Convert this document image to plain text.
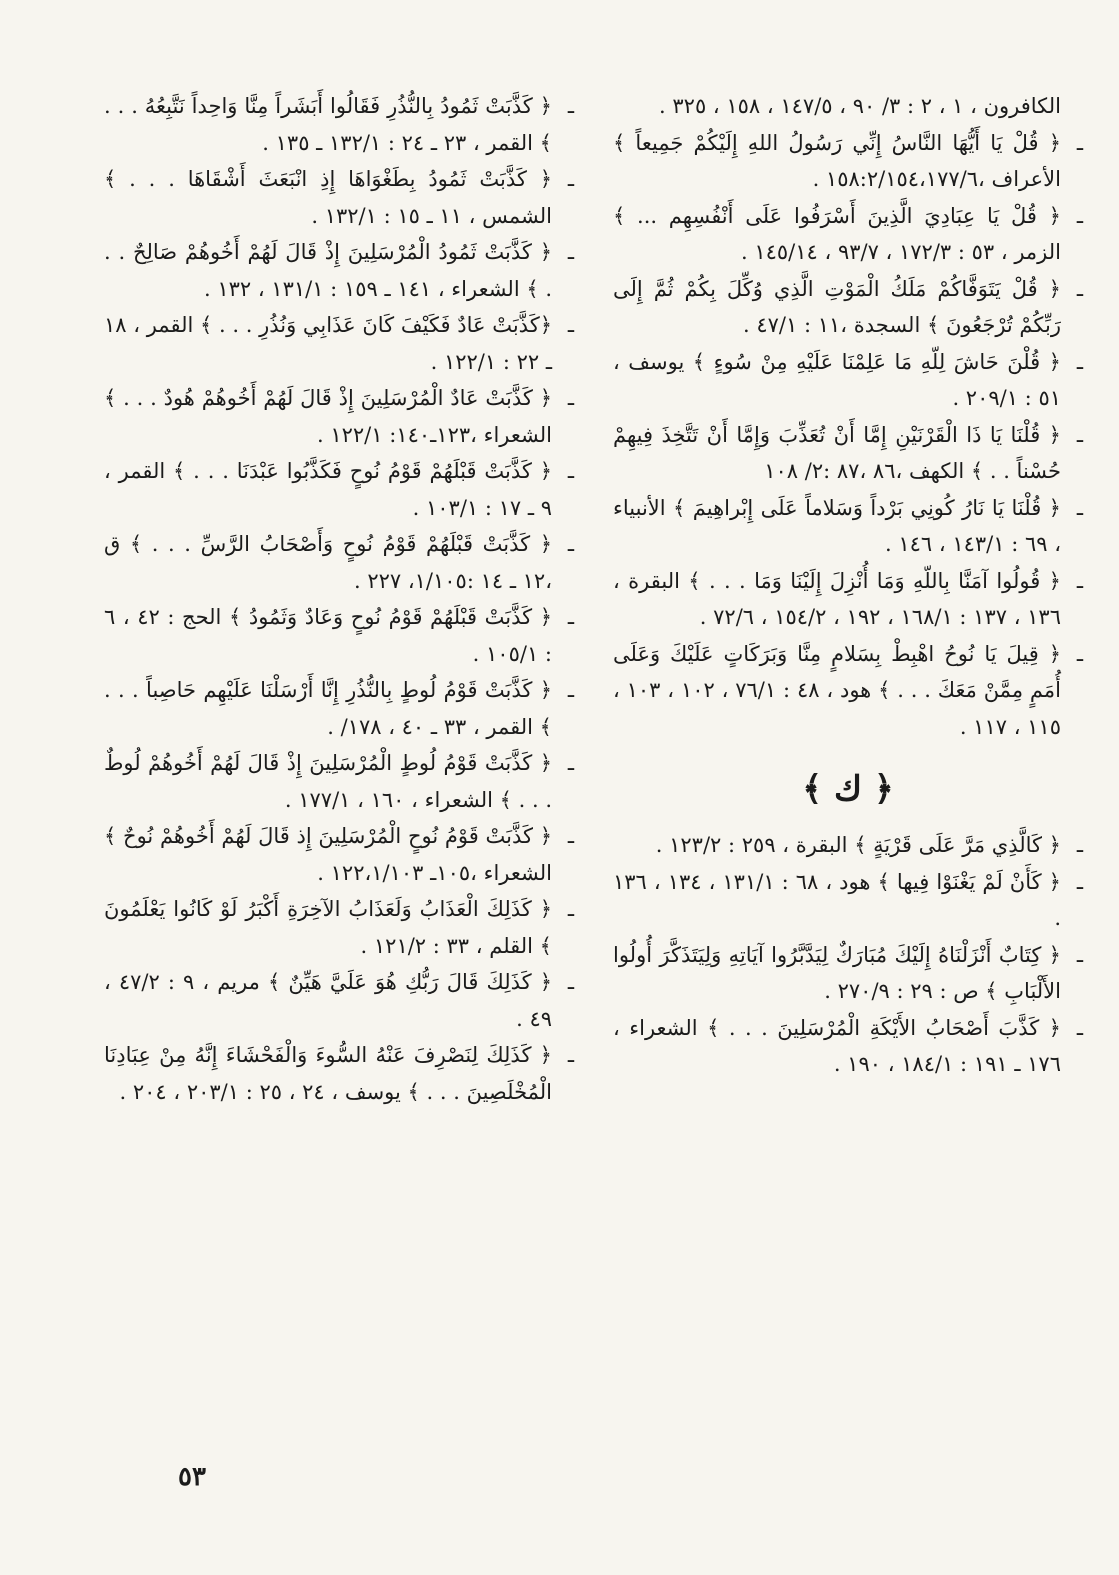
الكافرون ، ١ ، ٢ : ٣/ ٩٠ ، ١٤٧/٥ ، ١٥٨ ، ٣٢٥ .

ـ
﴿ قُلْ يَا أَيُّهَا النَّاسُ إِنِّي رَسُولُ اللهِ إِلَيْكُمْ جَمِيعاً ﴾الأعراف ،١٥٨:٢/١٥٤،١٧٧/٦ .

ـ
﴿ قُلْ يَا عِبَادِيَ الَّذِينَ أَسْرَفُوا عَلَى أَنْفُسِهِم ... ﴾ الزمر ، ٥٣ : ١٧٢/٣ ، ٩٣/٧ ، ١٤٥/١٤ .

ـ
﴿ قُلْ يَتَوَفَّاكُمْ مَلَكُ الْمَوْتِ الَّذِي وُكِّلَ بِكُمْ ثُمَّ إِلَى رَبِّكُمْ تُرْجَعُونَ ﴾ السجدة ،١١ : ٤٧/١ .

ـ
﴿ قُلْنَ حَاشَ لِلّهِ مَا عَلِمْنَا عَلَيْهِ مِنْ سُوءٍ ﴾ يوسف ، ٥١ : ٢٠٩/١ .

ـ
﴿ قُلْنَا يَا ذَا الْقَرْنَيْنِ إِمَّا أَنْ تُعَذِّبَ وَإِمَّا أَنْ تَتَّخِذَ فِيهِمْ حُسْناً . . ﴾ الكهف ،٨٦ ،٨٧ :٢/ ١٠٨

ـ
﴿ قُلْنَا يَا نَارُ كُونِي بَرْداً وَسَلاماً عَلَى إِبْراهِيمَ ﴾ الأنبياء ، ٦٩ : ١٤٣/١ ، ١٤٦ .

ـ
﴿ قُولُوا آمَنَّا بِاللّهِ وَمَا أُنْزِلَ إِلَيْنَا وَمَا . . . ﴾ البقرة ، ١٣٦ ، ١٣٧ : ١٦٨/١ ، ١٩٢ ، ١٥٤/٢ ، ٧٢/٦ .

ـ
﴿ قِيلَ يَا نُوحُ اهْبِطْ بِسَلامٍ مِنَّا وَبَرَكَاتٍ عَلَيْكَ وَعَلَى أُمَمٍ مِمَّنْ مَعَكَ . . . ﴾ هود ، ٤٨ : ٧٦/١ ، ١٠٢ ، ١٠٣ ، ١١٥ ، ١١٧ .

﴿ ك ﴾

ـ
﴿ كَالَّذِي مَرَّ عَلَى قَرْيَةٍ ﴾ البقرة ، ٢٥٩ : ١٢٣/٢ .

ـ
﴿ كَأَنْ لَمْ يَغْنَوْا فِيها ﴾ هود ، ٦٨ : ١٣١/١ ، ١٣٤ ، ١٣٦ .

ـ
﴿ كِتَابٌ أَنْزَلْنَاهُ إِلَيْكَ مُبَارَكٌ لِيَدَّبَّرُوا آيَاتِهِ وَلِيَتَذَكَّرَ أُولُوا الأَلْبَابِ ﴾ ص : ٢٩ : ٢٧٠/٩ .

ـ
﴿ كَذَّبَ أَصْحَابُ الأَيْكَةِ الْمُرْسَلِينَ . . . ﴾ الشعراء ، ١٧٦ ـ ١٩١ : ١٨٤/١ ، ١٩٠ .

ـ
﴿ كَذَّبَتْ ثَمُودُ بِالنُّذُرِ فَقَالُوا أَبَشَراً مِنَّا وَاحِداً نَتَّبِعُهُ . . . ﴾ القمر ، ٢٣ ـ ٢٤ : ١٣٢/١ ـ ١٣٥ .

ـ
﴿ كَذَّبَتْ ثَمُودُ بِطَغْوَاهَا إِذِ انْبَعَثَ أَشْقَاهَا . . . ﴾ الشمس ، ١١ ـ ١٥ : ١٣٢/١ .

ـ
﴿ كَذَّبَتْ ثَمُودُ الْمُرْسَلِينَ إِذْ قَالَ لَهُمْ أَخُوهُمْ صَالِحٌ . . . ﴾ الشعراء ، ١٤١ ـ ١٥٩ : ١٣١/١ ، ١٣٢ .

ـ
﴿كَذَّبَتْ عَادٌ فَكَيْفَ كَانَ عَذَابِي وَنُذُرِ . . . ﴾ القمر ، ١٨ ـ ٢٢ : ١٢٢/١ .

ـ
﴿ كَذَّبَتْ عَادٌ الْمُرْسَلِينَ إِذْ قَالَ لَهُمْ أَخُوهُمْ هُودٌ . . . ﴾ الشعراء ،١٢٣ـ١٤٠: ١٢٢/١ .

ـ
﴿ كَذَّبَتْ قَبْلَهُمْ قَوْمُ نُوحٍ فَكَذَّبُوا عَبْدَنَا . . . ﴾ القمر ، ٩ ـ ١٧ : ١٠٣/١ .

ـ
﴿ كَذَّبَتْ قَبْلَهُمْ قَوْمُ نُوحٍ وَأَصْحَابُ الرَّسِّ . . . ﴾ ق ،١٢ ـ ١٤ :١/١٠٥، ٢٢٧ .

ـ
﴿ كَذَّبَتْ قَبْلَهُمْ قَوْمُ نُوحٍ وَعَادٌ وَثَمُودُ ﴾ الحج : ٤٢ ، ٦ : ١٠٥/١ .

ـ
﴿ كَذَّبَتْ قَوْمُ لُوطٍ بِالنُّذُرِ إِنَّا أَرْسَلْنَا عَلَيْهِم حَاصِباً . . . ﴾ القمر ، ٣٣ ـ ٤٠ ، ١٧٨/ .

ـ
﴿ كَذَّبَتْ قَوْمُ لُوطٍ الْمُرْسَلِينَ إِذْ قَالَ لَهُمْ أَخُوهُمْ لُوطٌ . . . ﴾ الشعراء ، ١٦٠ ، ١٧٧/١ .

ـ
﴿ كَذَّبَتْ قَوْمُ نُوحٍ الْمُرْسَلِينَ إِذ قَالَ لَهُمْ أَخُوهُمْ نُوحٌ ﴾الشعراء ،١٠٥ـ ١٢٢،١/١٠٣ .

ـ
﴿ كَذَلِكَ الْعَذَابُ وَلَعَذَابُ الآخِرَةِ أَكْبَرُ لَوْ كَانُوا يَعْلَمُونَ ﴾ القلم ، ٣٣ : ١٢١/٢ .

ـ
﴿ كَذَلِكَ قَالَ رَبُّكِ هُوَ عَلَيَّ هَيِّنٌ ﴾ مريم ، ٩ : ٤٧/٢ ، ٤٩ .

ـ
﴿ كَذَلِكَ لِنَصْرِفَ عَنْهُ السُّوءَ وَالْفَحْشَاءَ إِنَّهُ مِنْ عِبَادِنَا الْمُخْلَصِينَ . . . ﴾ يوسف ، ٢٤ ، ٢٥ : ٢٠٣/١ ، ٢٠٤ .

٥٣
